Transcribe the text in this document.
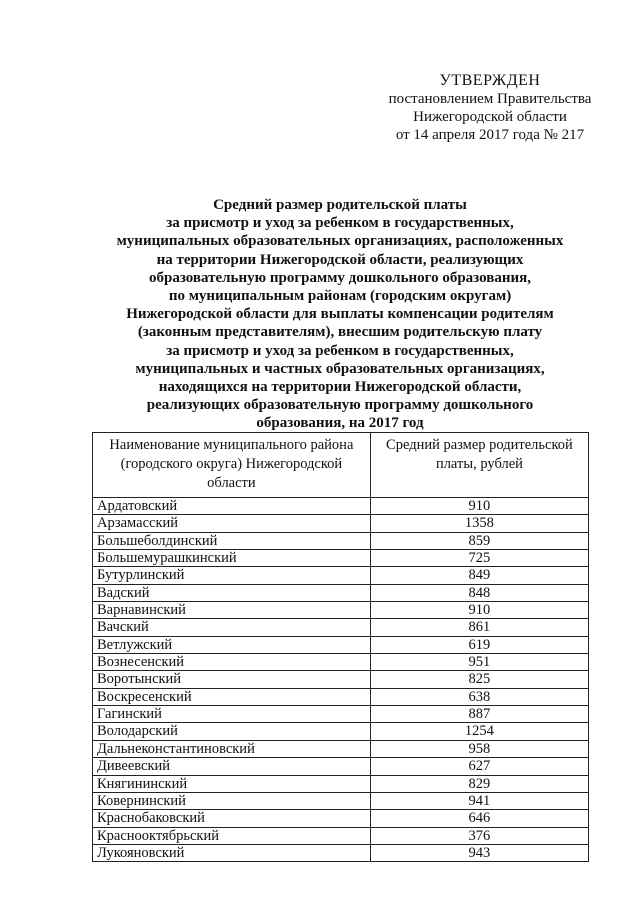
УТВЕРЖДЕН
постановлением Правительства
Нижегородской области
от 14 апреля 2017 года № 217
Средний размер родительской платы
за присмотр и уход за ребенком в государственных,
муниципальных образовательных организациях, расположенных
на территории Нижегородской области, реализующих
образовательную программу дошкольного образования,
по муниципальным районам (городским округам)
Нижегородской области для выплаты компенсации родителям
(законным представителям), внесшим родительскую плату
за присмотр и уход за ребенком в государственных,
муниципальных и частных образовательных организациях,
находящихся на территории Нижегородской области,
реализующих образовательную программу дошкольного
образования, на 2017 год
Наименование муниципального района (городского округа) Нижегородской области	Средний размер родительской платы, рублей
Ардатовский	910
Арзамасский	1358
Большеболдинский	859
Большемурашкинский	725
Бутурлинский	849
Вадский	848
Варнавинский	910
Вачский	861
Ветлужский	619
Вознесенский	951
Воротынский	825
Воскресенский	638
Гагинский	887
Володарский	1254
Дальнеконстантиновский	958
Дивеевский	627
Княгининский	829
Ковернинский	941
Краснобаковский	646
Краснооктябрьский	376
Лукояновский	943
